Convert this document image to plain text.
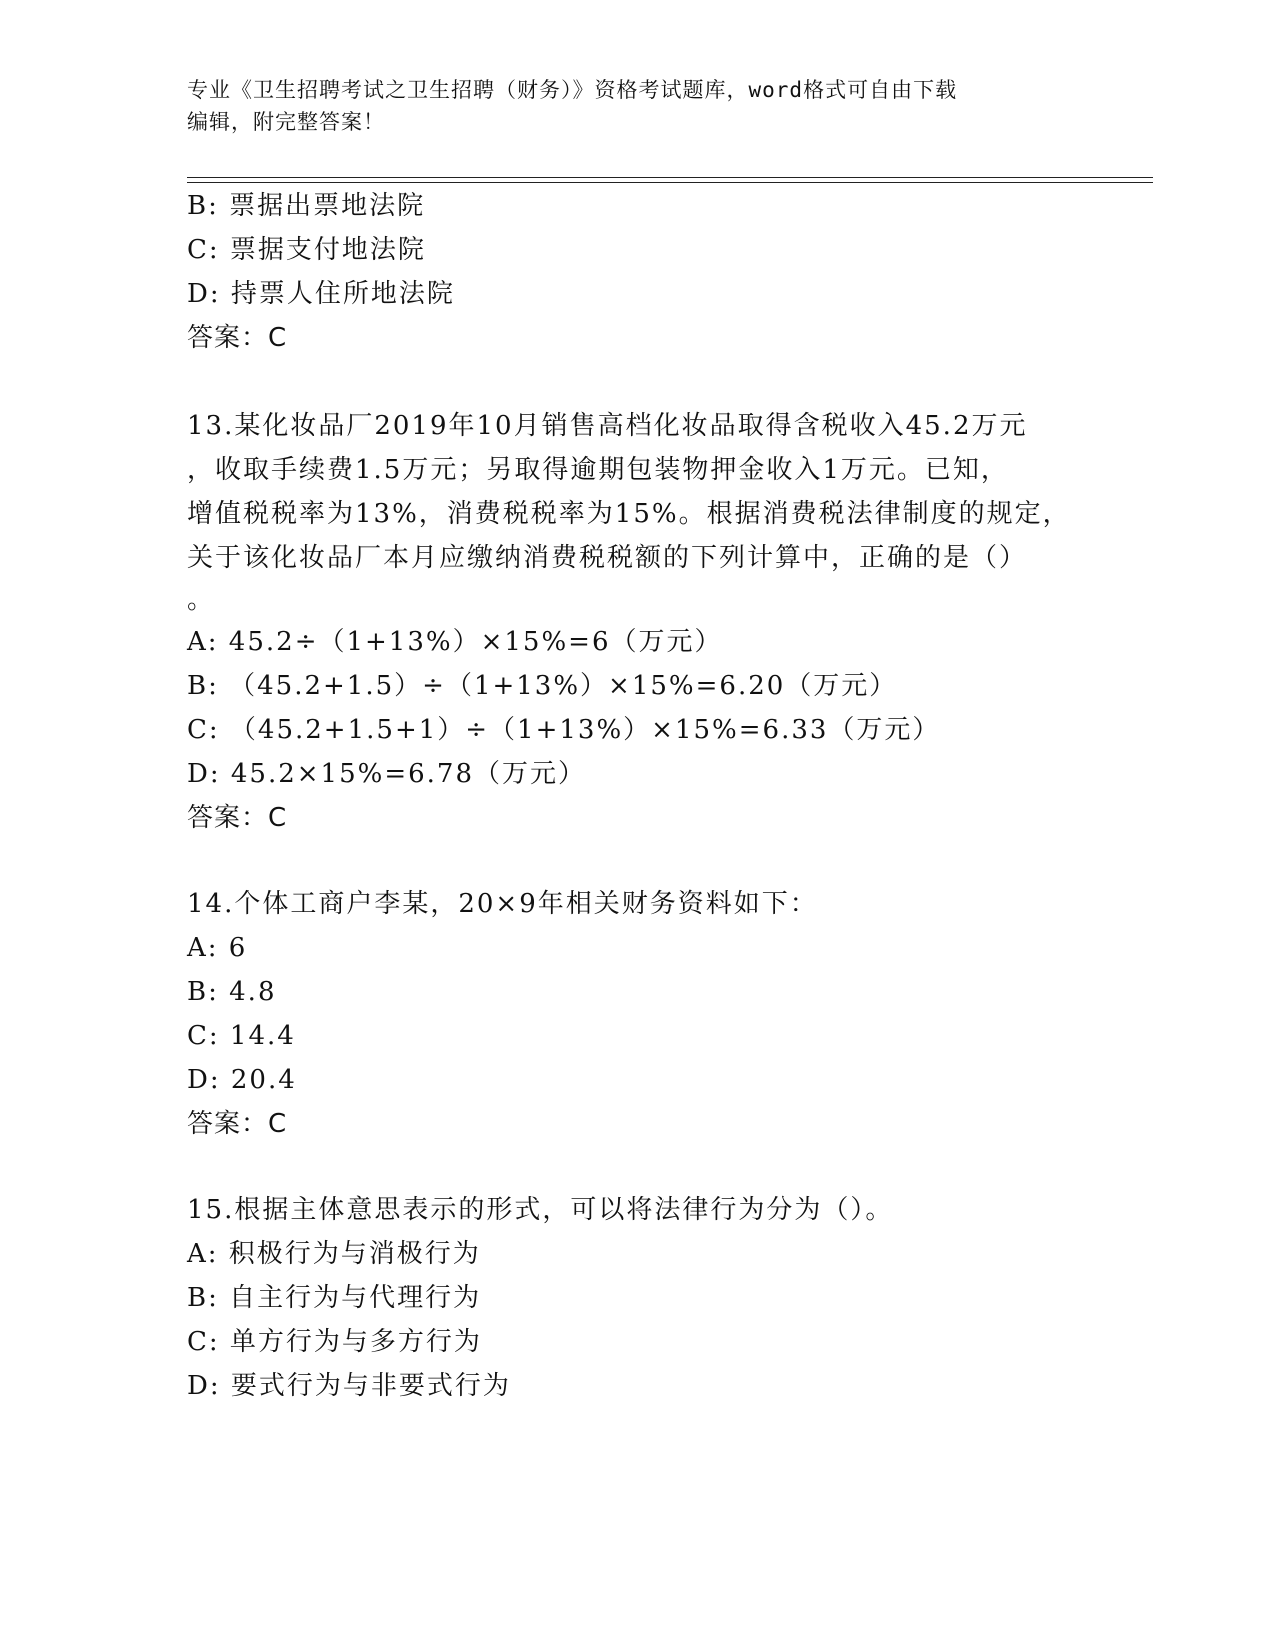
专业《卫生招聘考试之卫生招聘（财务）》资格考试题库，word格式可自由下载
编辑，附完整答案！
B: 票据出票地法院
C: 票据支付地法院
D: 持票人住所地法院
答案：C
13.某化妆品厂2019年10月销售高档化妆品取得含税收入45.2万元
，收取手续费1.5万元；另取得逾期包装物押金收入1万元。已知，
增值税税率为13%，消费税税率为15%。根据消费税法律制度的规定，
关于该化妆品厂本月应缴纳消费税税额的下列计算中，正确的是（）
。
A: 45.2÷（1+13%）×15%=6（万元）
B: （45.2+1.5）÷（1+13%）×15%=6.20（万元）
C: （45.2+1.5+1）÷（1+13%）×15%=6.33（万元）
D: 45.2×15%=6.78（万元）
答案：C
14.个体工商户李某，20×9年相关财务资料如下：
A: 6
B: 4.8
C: 14.4
D: 20.4
答案：C
15.根据主体意思表示的形式，可以将法律行为分为（）。
A: 积极行为与消极行为
B: 自主行为与代理行为
C: 单方行为与多方行为
D: 要式行为与非要式行为
